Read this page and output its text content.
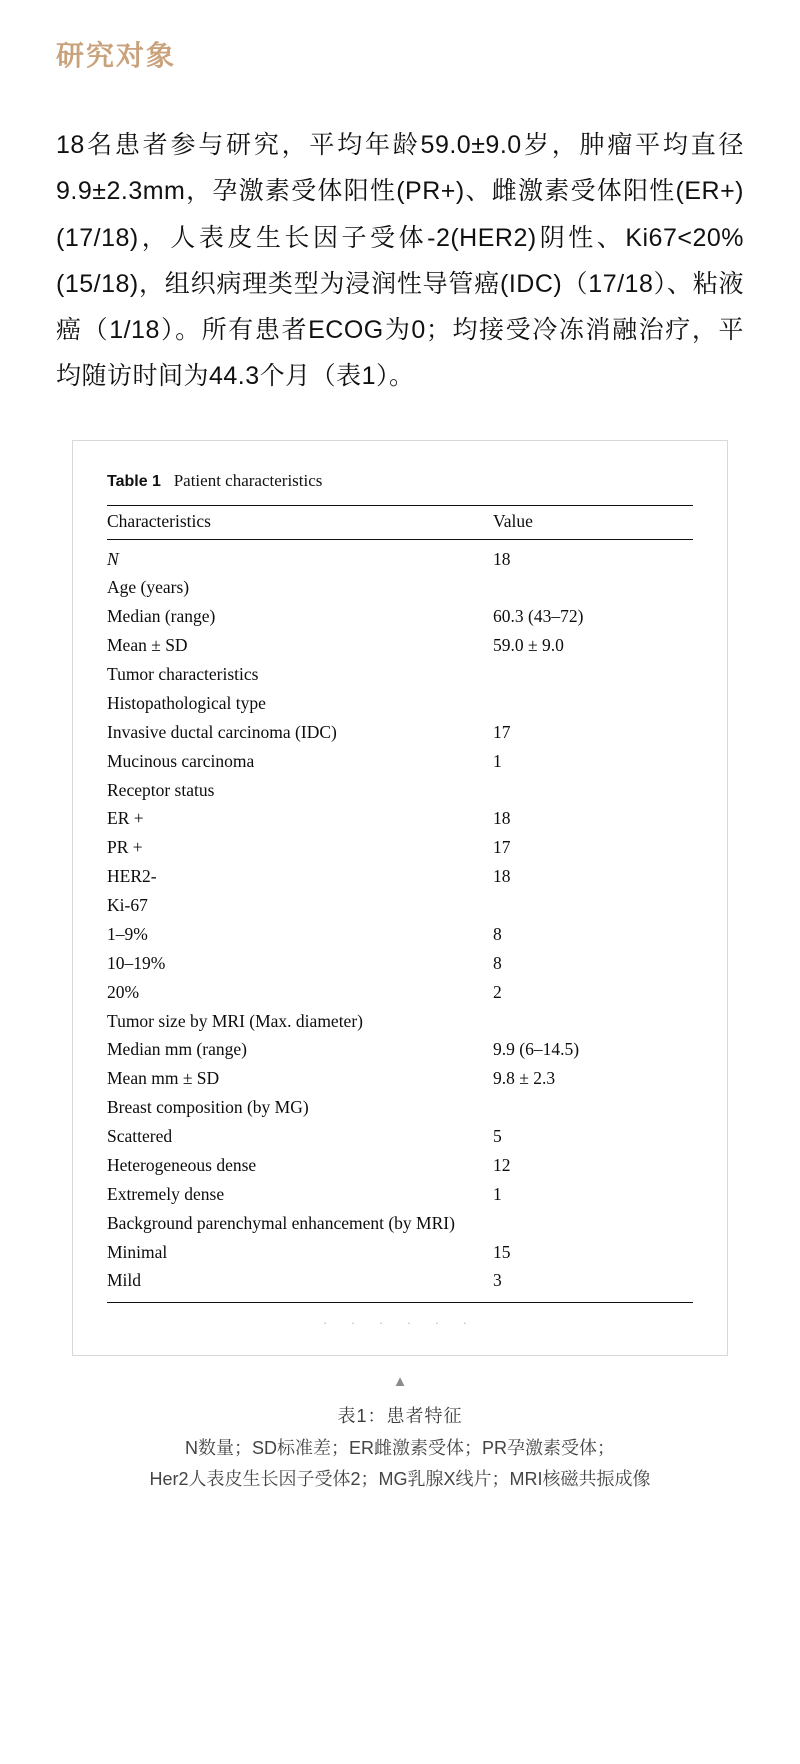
研究对象

18名患者参与研究，平均年龄59.0±9.0岁，肿瘤平均直径9.9±2.3mm，孕激素受体阳性(PR+)、雌激素受体阳性(ER+)(17/18)，人表皮生长因子受体-2(HER2)阴性、Ki67<20%(15/18)，组织病理类型为浸润性导管癌(IDC)（17/18）、粘液癌（1/18）。所有患者ECOG为0；均接受冷冻消融治疗，平均随访时间为44.3个月（表1）。

Table 1 Patient characteristics
Characteristics	Value
N	18
Age (years)	
Median (range)	60.3 (43–72)
Mean ± SD	59.0 ± 9.0
Tumor characteristics	
Histopathological type	
Invasive ductal carcinoma (IDC)	17
Mucinous carcinoma	1
Receptor status	
ER +	18
PR +	17
HER2-	18
Ki-67	
1–9%	8
10–19%	8
20%	2
Tumor size by MRI (Max. diameter)	
Median mm (range)	9.9 (6–14.5)
Mean mm ± SD	9.8 ± 2.3
Breast composition (by MG)	
Scattered	5
Heterogeneous dense	12
Extremely dense	1
Background parenchymal enhancement (by MRI)	
Minimal	15
Mild	3
· · · · · ·
▲
表1：患者特征
N数量；SD标准差；ER雌激素受体；PR孕激素受体；
Her2人表皮生长因子受体2；MG乳腺X线片；MRI核磁共振成像
